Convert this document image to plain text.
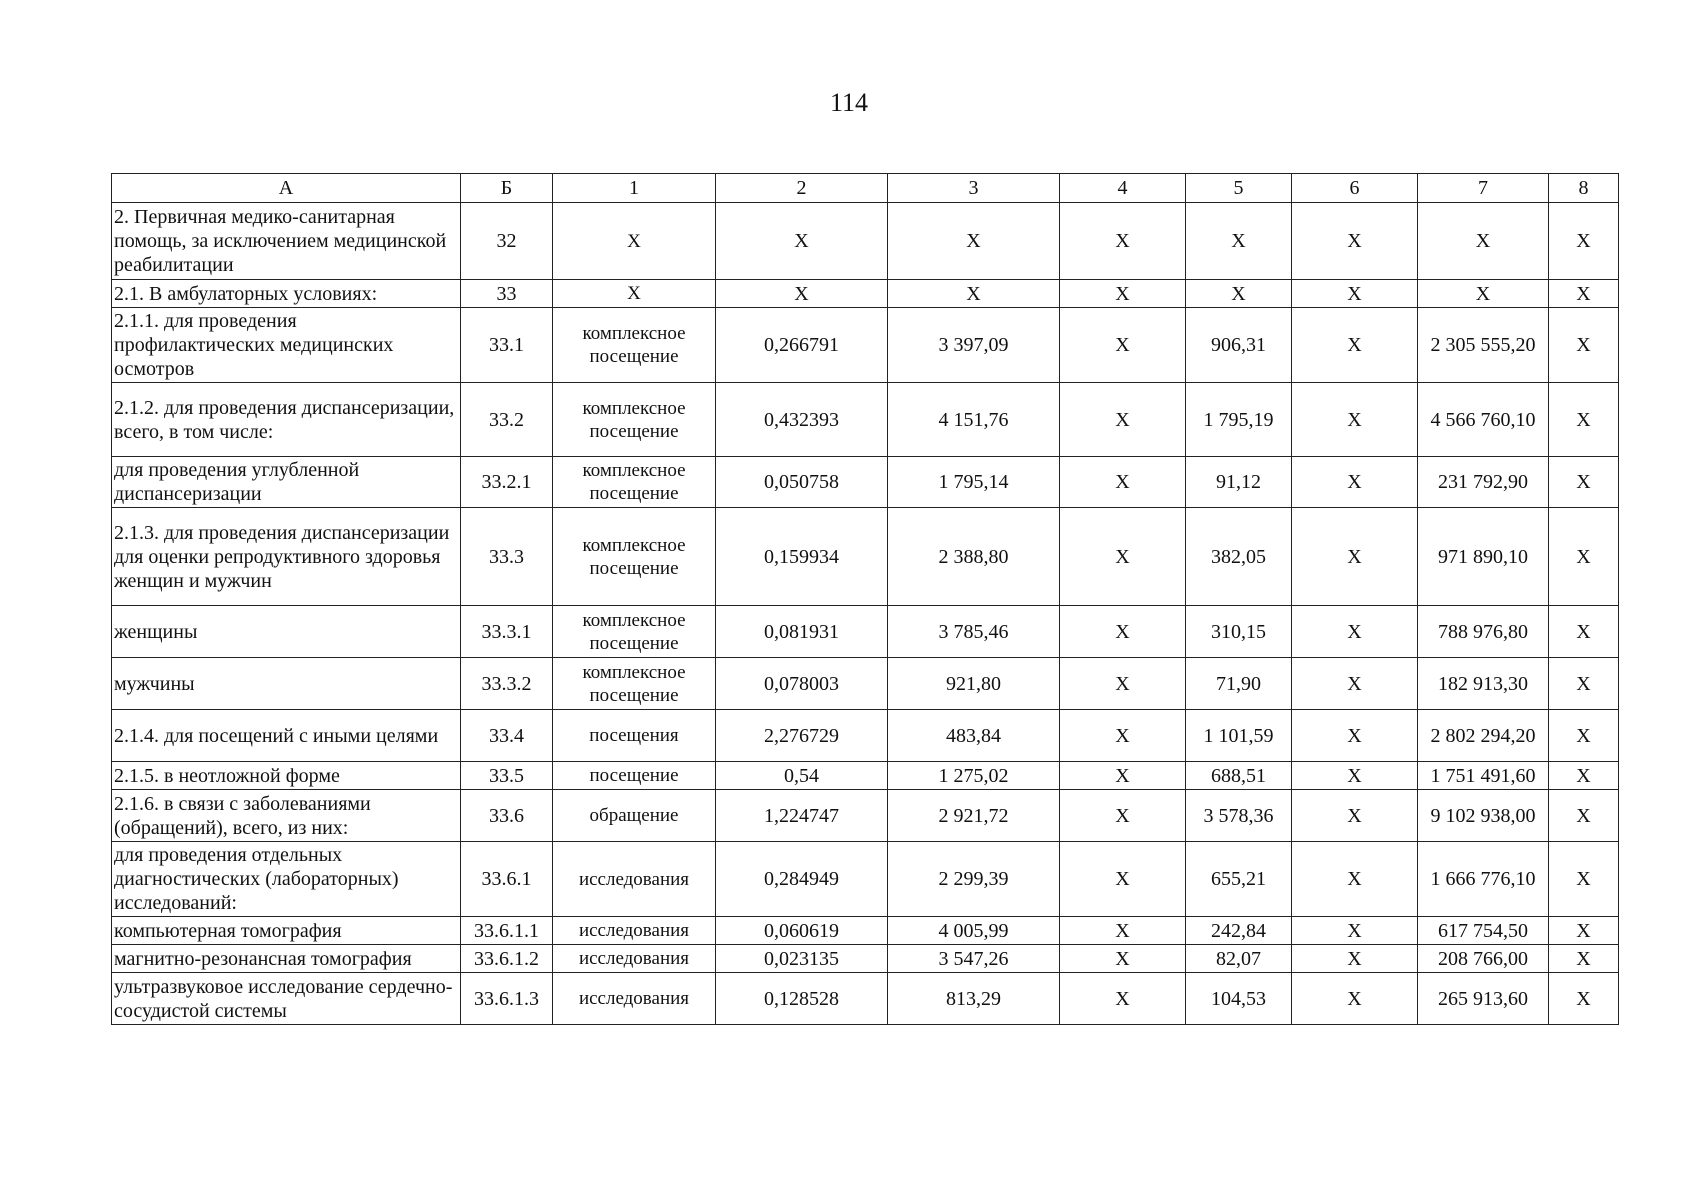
114
А	Б	1	2	3	4	5	6	7	8
2. Первичная медико-санитарная помощь, за исключением медицинской реабилитации	32	Х	Х	Х	Х	Х	Х	Х	Х
2.1. В амбулаторных условиях:	33	Х	Х	Х	Х	Х	Х	Х	Х
2.1.1. для проведения профилактических медицинских осмотров	33.1	комплексное посещение	0,266791	3 397,09	Х	906,31	Х	2 305 555,20	Х
2.1.2. для проведения диспансеризации, всего, в том числе:	33.2	комплексное посещение	0,432393	4 151,76	Х	1 795,19	Х	4 566 760,10	Х
для проведения углубленной диспансеризации	33.2.1	комплексное посещение	0,050758	1 795,14	Х	91,12	Х	231 792,90	Х
2.1.3. для проведения диспансеризации для оценки репродуктивного здоровья женщин и мужчин	33.3	комплексное посещение	0,159934	2 388,80	Х	382,05	Х	971 890,10	Х
женщины	33.3.1	комплексное посещение	0,081931	3 785,46	Х	310,15	Х	788 976,80	Х
мужчины	33.3.2	комплексное посещение	0,078003	921,80	Х	71,90	Х	182 913,30	Х
2.1.4. для посещений с иными целями	33.4	посещения	2,276729	483,84	Х	1 101,59	Х	2 802 294,20	Х
2.1.5. в неотложной форме	33.5	посещение	0,54	1 275,02	Х	688,51	Х	1 751 491,60	Х
2.1.6. в связи с заболеваниями (обращений), всего, из них:	33.6	обращение	1,224747	2 921,72	Х	3 578,36	Х	9 102 938,00	Х
для проведения отдельных диагностических (лабораторных) исследований:	33.6.1	исследования	0,284949	2 299,39	Х	655,21	Х	1 666 776,10	Х
компьютерная томография	33.6.1.1	исследования	0,060619	4 005,99	Х	242,84	Х	617 754,50	Х
магнитно-резонансная томография	33.6.1.2	исследования	0,023135	3 547,26	Х	82,07	Х	208 766,00	Х
ультразвуковое исследование сердечно-сосудистой системы	33.6.1.3	исследования	0,128528	813,29	Х	104,53	Х	265 913,60	Х
